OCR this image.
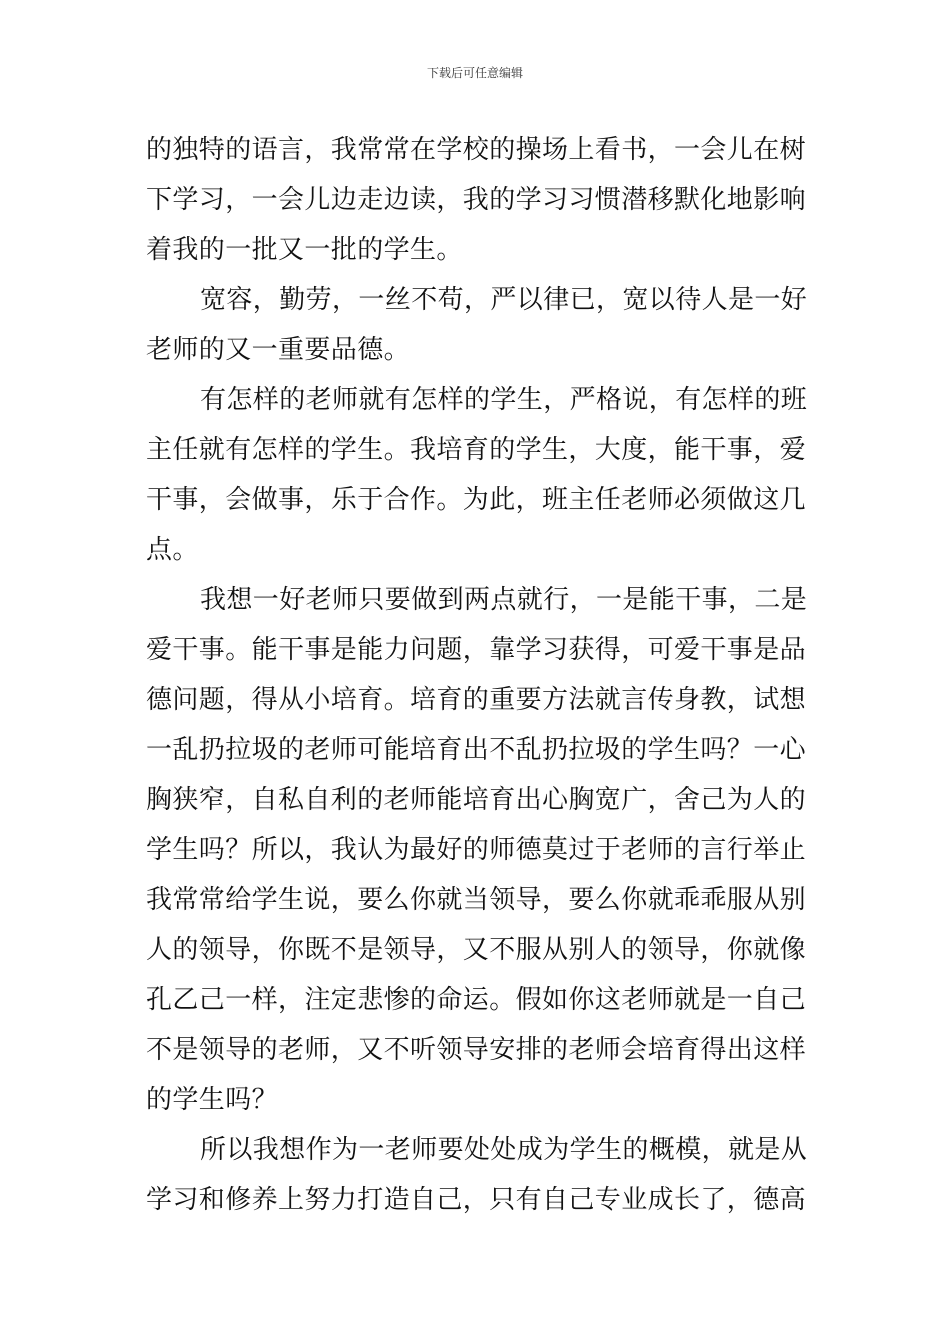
下载后可任意编辑
的独特的语言，我常常在学校的操场上看书，一会儿在树
下学习，一会儿边走边读，我的学习习惯潜移默化地影响
着我的一批又一批的学生。
宽容，勤劳，一丝不苟，严以律已，宽以待人是一好
老师的又一重要品德。
有怎样的老师就有怎样的学生，严格说，有怎样的班
主任就有怎样的学生。我培育的学生，大度，能干事，爱
干事，会做事，乐于合作。为此，班主任老师必须做这几
点。
我想一好老师只要做到两点就行，一是能干事，二是
爱干事。能干事是能力问题，靠学习获得，可爱干事是品
德问题，得从小培育。培育的重要方法就言传身教，试想
一乱扔拉圾的老师可能培育出不乱扔拉圾的学生吗？一心
胸狭窄，自私自利的老师能培育出心胸宽广，舍己为人的
学生吗？所以，我认为最好的师德莫过于老师的言行举止
我常常给学生说，要么你就当领导，要么你就乖乖服从别
人的领导，你既不是领导，又不服从别人的领导，你就像
孔乙己一样，注定悲惨的命运。假如你这老师就是一自己
不是领导的老师，又不听领导安排的老师会培育得出这样
的学生吗？
所以我想作为一老师要处处成为学生的概模，就是从
学习和修养上努力打造自己，只有自己专业成长了，德高
